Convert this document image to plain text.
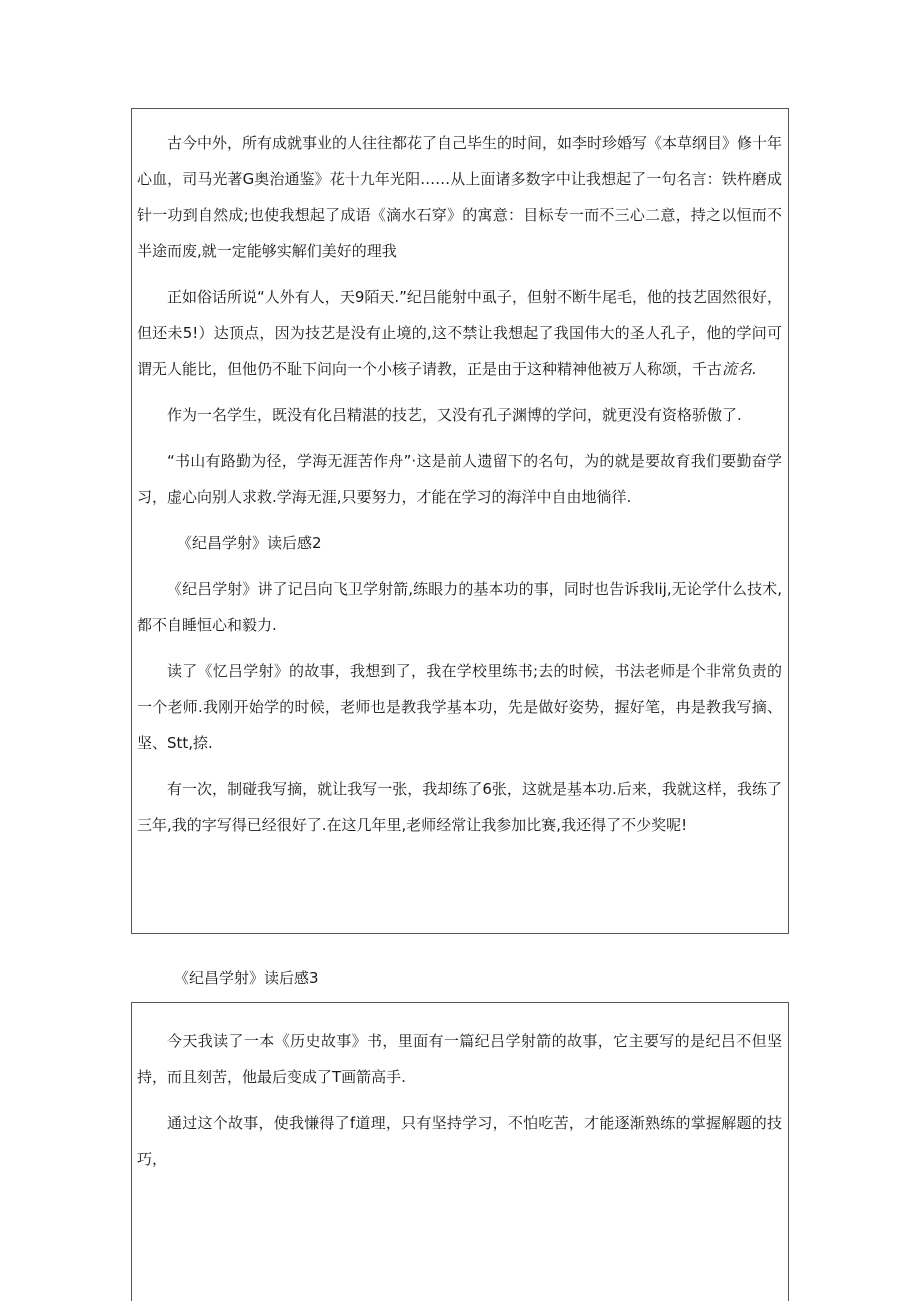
古今中外，所有成就事业的人往往都花了自己毕生的时间，如李时珍婚写《本草纲目》修十年心血，司马光著G奥治通鉴》花十九年光阳……从上面诸多数字中让我想起了一句名言：铁杵磨成针一功到自然成;也使我想起了成语《滴水石穿》的寓意：目标专一而不三心二意，持之以恒而不半途而废,就一定能够实解们美好的理我

正如俗话所说“人外有人，天9陌天.”纪吕能射中虱子，但射不断牛尾毛，他的技艺固然很好，但还未5!）达顶点，因为技艺是没有止境的,这不禁让我想起了我国伟大的圣人孔子，他的学问可谓无人能比，但他仍不耻下问向一个小核子请教，正是由于这种精神他被万人称颂，千古流名.

作为一名学生，既没有化吕精湛的技艺，又没有孔子渊博的学问，就更没有资格骄傲了.

“书山有路勤为径，学海无涯苦作舟”·这是前人遗留下的名句，为的就是要故育我们要勤奋学习，虚心向别人求救.学海无涯,只要努力，才能在学习的海洋中自由地徜徉.

《纪昌学射》读后感2

《纪吕学射》讲了记吕向飞卫学射箭,练眼力的基本功的事，同时也告诉我lij,无论学什么技术,都不自睡恒心和毅力.

读了《忆吕学射》的故事，我想到了，我在学校里练书;去的时候，书法老师是个非常负责的一个老师.我刚开始学的时候，老师也是教我学基本功，先是做好姿势，握好笔，冉是教我写摘、坚、Stt,捺.

有一次，制碰我写摘，就让我写一张，我却练了6张，这就是基本功.后来，我就这样，我练了三年,我的字写得已经很好了.在这几年里,老师经常让我参加比赛,我还得了不少奖呢!

《纪昌学射》读后感3

今天我读了一本《历史故事》书，里面有一篇纪吕学射箭的故事，它主要写的是纪吕不但坚持，而且刻苦，他最后变成了T画箭高手.

通过这个故事，使我慊得了f道理，只有坚持学习，不怕吃苦，才能逐渐熟练的掌握解题的技巧，
